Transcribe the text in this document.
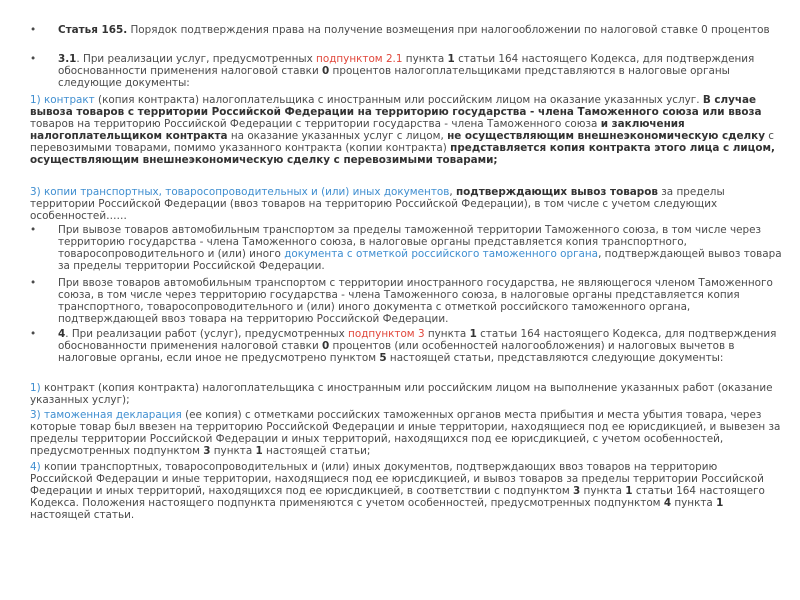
•	Статья 165. Порядок подтверждения права на получение возмещения при налогообложении по налоговой ставке 0 процентов
•	3.1. При реализации услуг, предусмотренных подпунктом 2.1 пункта 1 статьи 164 настоящего Кодекса, для подтверждения обоснованности применения налоговой ставки 0 процентов налогоплательщиками представляются в налоговые органы следующие документы:
1) контракт (копия контракта) налогоплательщика с иностранным или российским лицом на оказание указанных услуг. В случае вывоза товаров с территории Российской Федерации на территорию государства - члена Таможенного союза или ввоза товаров на территорию Российской Федерации с территории государства - члена Таможенного союза и заключения налогоплательщиком контракта на оказание указанных услуг с лицом, не осуществляющим внешнеэкономическую сделку с перевозимыми товарами, помимо указанного контракта (копии контракта) представляется копия контракта этого лица с лицом, осуществляющим внешнеэкономическую сделку с перевозимыми товарами;
3) копии транспортных, товаросопроводительных и (или) иных документов, подтверждающих вывоз товаров за пределы территории Российской Федерации (ввоз товаров на территорию Российской Федерации), в том числе с учетом следующих особенностей……
•	При вывозе товаров автомобильным транспортом за пределы таможенной территории Таможенного союза, в том числе через территорию государства - члена Таможенного союза, в налоговые органы представляется копия транспортного, товаросопроводительного и (или) иного документа с отметкой российского таможенного органа, подтверждающей вывоз товара за пределы территории Российской Федерации.
•	При ввозе товаров автомобильным транспортом с территории иностранного государства, не являющегося членом Таможенного союза, в том числе через территорию государства - члена Таможенного союза, в налоговые органы представляется копия транспортного, товаросопроводительного и (или) иного документа с отметкой российского таможенного органа, подтверждающей ввоз товара на территорию Российской Федерации.
•	4. При реализации работ (услуг), предусмотренных подпунктом 3 пункта 1 статьи 164 настоящего Кодекса, для подтверждения обоснованности применения налоговой ставки 0 процентов (или особенностей налогообложения) и налоговых вычетов в налоговые органы, если иное не предусмотрено пунктом 5 настоящей статьи, представляются следующие документы:
1) контракт (копия контракта) налогоплательщика с иностранным или российским лицом на выполнение указанных работ (оказание указанных услуг);
3) таможенная декларация (ее копия) с отметками российских таможенных органов места прибытия и места убытия товара, через которые товар был ввезен на территорию Российской Федерации и иные территории, находящиеся под ее юрисдикцией, и вывезен за пределы территории Российской Федерации и иных территорий, находящихся под ее юрисдикцией, с учетом особенностей, предусмотренных подпунктом 3 пункта 1 настоящей статьи;
4) копии транспортных, товаросопроводительных и (или) иных документов, подтверждающих ввоз товаров на территорию Российской Федерации и иные территории, находящиеся под ее юрисдикцией, и вывоз товаров за пределы территории Российской Федерации и иных территорий, находящихся под ее юрисдикцией, в соответствии с подпунктом 3 пункта 1 статьи 164 настоящего Кодекса. Положения настоящего подпункта применяются с учетом особенностей, предусмотренных подпунктом 4 пункта 1 настоящей статьи.
